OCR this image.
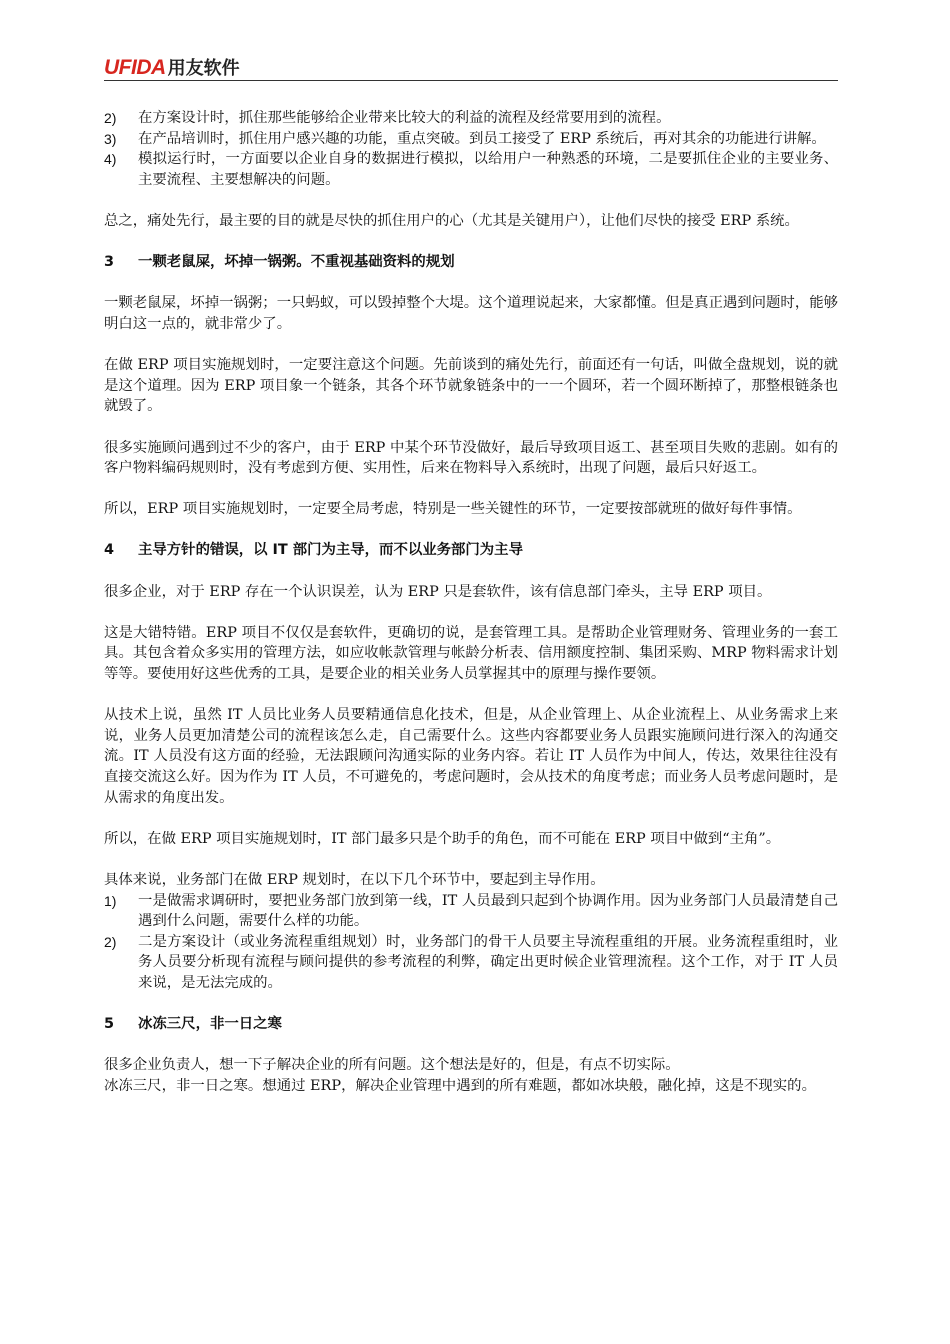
UFIDA 用友软件
2) 在方案设计时，抓住那些能够给企业带来比较大的利益的流程及经常要用到的流程。
3) 在产品培训时，抓住用户感兴趣的功能，重点突破。到员工接受了 ERP 系统后，再对其余的功能进行讲解。
4) 模拟运行时，一方面要以企业自身的数据进行模拟，以给用户一种熟悉的环境，二是要抓住企业的主要业务、主要流程、主要想解决的问题。

总之，痛处先行，最主要的目的就是尽快的抓住用户的心（尤其是关键用户），让他们尽快的接受 ERP 系统。

3 一颗老鼠屎，坏掉一锅粥。不重视基础资料的规划

一颗老鼠屎，坏掉一锅粥；一只蚂蚁，可以毁掉整个大堤。这个道理说起来，大家都懂。但是真正遇到问题时，能够明白这一点的，就非常少了。

在做 ERP 项目实施规划时，一定要注意这个问题。先前谈到的痛处先行，前面还有一句话，叫做全盘规划，说的就是这个道理。因为 ERP 项目象一个链条，其各个环节就象链条中的一一个圆环，若一个圆环断掉了，那整根链条也就毁了。

很多实施顾问遇到过不少的客户，由于 ERP 中某个环节没做好，最后导致项目返工、甚至项目失败的悲剧。如有的客户物料编码规则时，没有考虑到方便、实用性，后来在物料导入系统时，出现了问题，最后只好返工。

所以，ERP 项目实施规划时，一定要全局考虑，特别是一些关键性的环节，一定要按部就班的做好每件事情。

4 主导方针的错误，以 IT 部门为主导，而不以业务部门为主导

很多企业，对于 ERP 存在一个认识误差，认为 ERP 只是套软件，该有信息部门牵头，主导 ERP 项目。

这是大错特错。ERP 项目不仅仅是套软件，更确切的说，是套管理工具。是帮助企业管理财务、管理业务的一套工具。其包含着众多实用的管理方法，如应收帐款管理与帐龄分析表、信用额度控制、集团采购、MRP 物料需求计划等等。要使用好这些优秀的工具，是要企业的相关业务人员掌握其中的原理与操作要领。

从技术上说，虽然 IT 人员比业务人员要精通信息化技术，但是，从企业管理上、从企业流程上、从业务需求上来说，业务人员更加清楚公司的流程该怎么走，自己需要什么。这些内容都要业务人员跟实施顾问进行深入的沟通交流。IT 人员没有这方面的经验，无法跟顾问沟通实际的业务内容。若让 IT 人员作为中间人，传达，效果往往没有直接交流这么好。因为作为 IT 人员，不可避免的，考虑问题时，会从技术的角度考虑；而业务人员考虑问题时，是从需求的角度出发。

所以，在做 ERP 项目实施规划时，IT 部门最多只是个助手的角色，而不可能在 ERP 项目中做到“主角”。

具体来说，业务部门在做 ERP 规划时，在以下几个环节中，要起到主导作用。

1) 一是做需求调研时，要把业务部门放到第一线，IT 人员最到只起到个协调作用。因为业务部门人员最清楚自己遇到什么问题，需要什么样的功能。
2) 二是方案设计（或业务流程重组规划）时，业务部门的骨干人员要主导流程重组的开展。业务流程重组时，业务人员要分析现有流程与顾问提供的参考流程的利弊，确定出更时候企业管理流程。这个工作，对于 IT 人员来说，是无法完成的。
5 冰冻三尺，非一日之寒

很多企业负责人，想一下子解决企业的所有问题。这个想法是好的，但是，有点不切实际。

冰冻三尺，非一日之寒。想通过 ERP，解决企业管理中遇到的所有难题，都如冰块般，融化掉，这是不现实的。
